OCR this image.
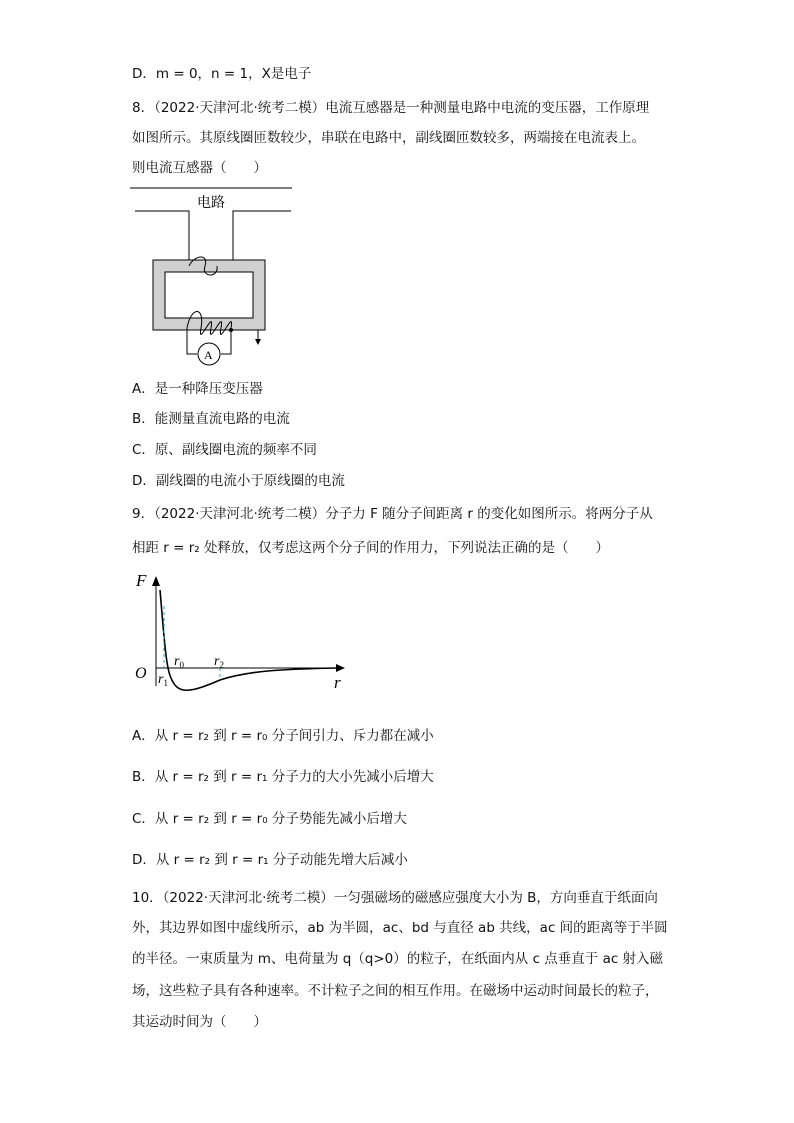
D．m = 0，n = 1，X是电子
8．（2022·天津河北·统考二模）电流互感器是一种测量电路中电流的变压器，工作原理
如图所示。其原线圈匝数较少，串联在电路中，副线圈匝数较多，两端接在电流表上。
则电流互感器（　　）
电路
A
A．是一种降压变压器
B．能测量直流电路的电流
C．原、副线圈电流的频率不同
D．副线圈的电流小于原线圈的电流
9．（2022·天津河北·统考二模）分子力 F 随分子间距离 r 的变化如图所示。将两分子从
相距 r = r₂ 处释放，仅考虑这两个分子间的作用力，下列说法正确的是（　　）
F
r
O
$r_0$
$r_1$
$r_2$
A．从 r = r₂ 到 r = r₀ 分子间引力、斥力都在减小
B．从 r = r₂ 到 r = r₁ 分子力的大小先减小后增大
C．从 r = r₂ 到 r = r₀ 分子势能先减小后增大
D．从 r = r₂ 到 r = r₁ 分子动能先增大后减小
10．（2022·天津河北·统考二模）一匀强磁场的磁感应强度大小为 B，方向垂直于纸面向
外，其边界如图中虚线所示，ab 为半圆，ac、bd 与直径 ab 共线，ac 间的距离等于半圆
的半径。一束质量为 m、电荷量为 q（q>0）的粒子，在纸面内从 c 点垂直于 ac 射入磁
场，这些粒子具有各种速率。不计粒子之间的相互作用。在磁场中运动时间最长的粒子，
其运动时间为（　　）
